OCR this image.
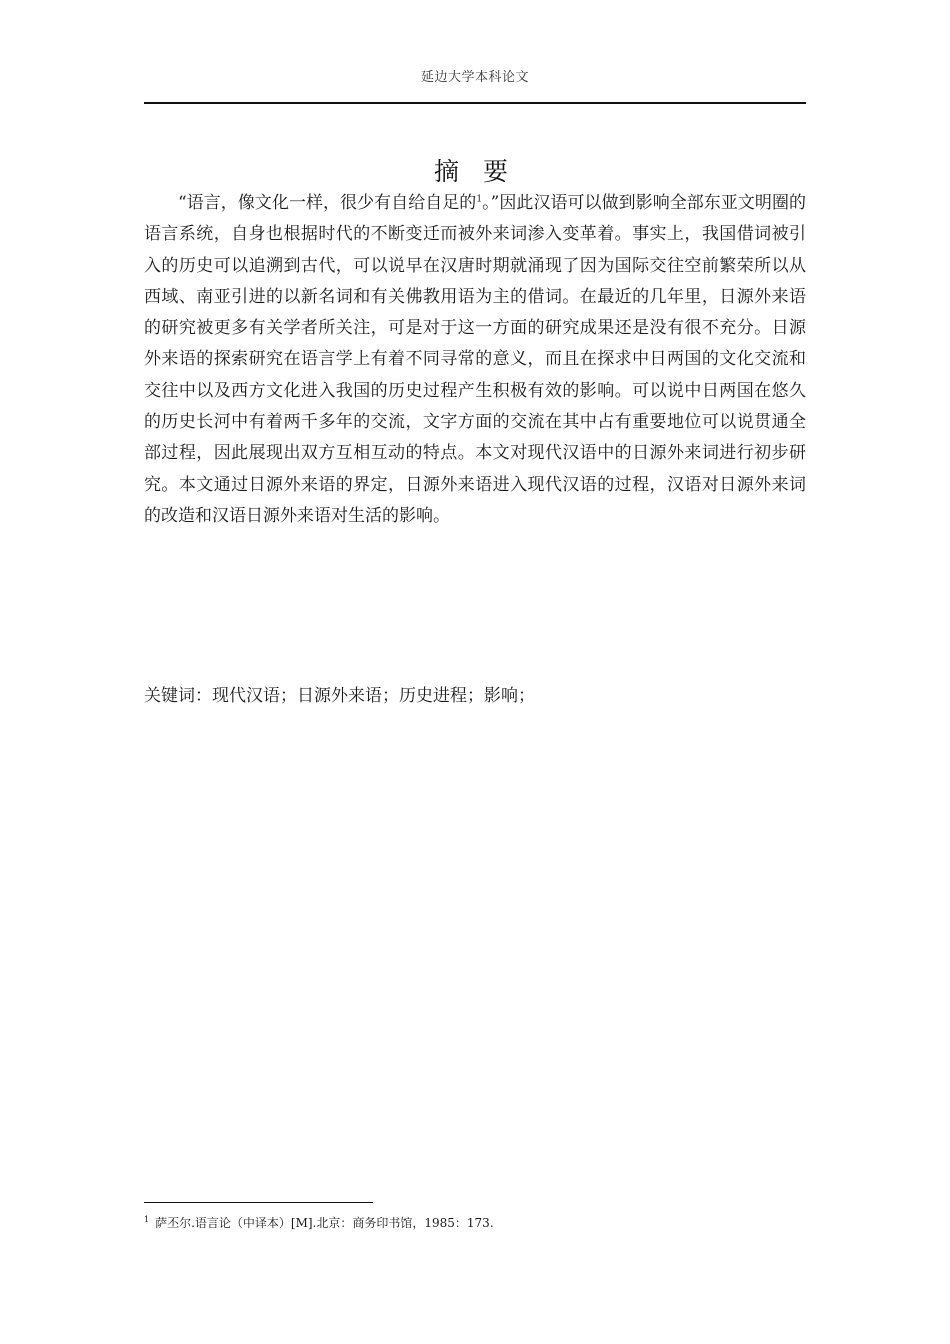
延边大学本科论文
摘 要

“语言，像文化一样，很少有自给自足的$^1$。”因此汉语可以做到影响全部东亚文明圈的语言系统，自身也根据时代的不断变迁而被外来词渗入变革着。事实上，我国借词被引入的历史可以追溯到古代，可以说早在汉唐时期就涌现了因为国际交往空前繁荣所以从西域、南亚引进的以新名词和有关佛教用语为主的借词。在最近的几年里，日源外来语的研究被更多有关学者所关注，可是对于这一方面的研究成果还是没有很不充分。日源外来语的探索研究在语言学上有着不同寻常的意义，而且在探求中日两国的文化交流和交往中以及西方文化进入我国的历史过程产生积极有效的影响。可以说中日两国在悠久的历史长河中有着两千多年的交流，文字方面的交流在其中占有重要地位可以说贯通全部过程，因此展现出双方互相互动的特点。本文对现代汉语中的日源外来词进行初步研究。本文通过日源外来语的界定，日源外来语进入现代汉语的过程，汉语对日源外来词的改造和汉语日源外来语对生活的影响。

关键词：现代汉语；日源外来语；历史进程；影响；
$^1$ 萨丕尔.语言论（中译本）[M].北京：商务印书馆，1985：173.
